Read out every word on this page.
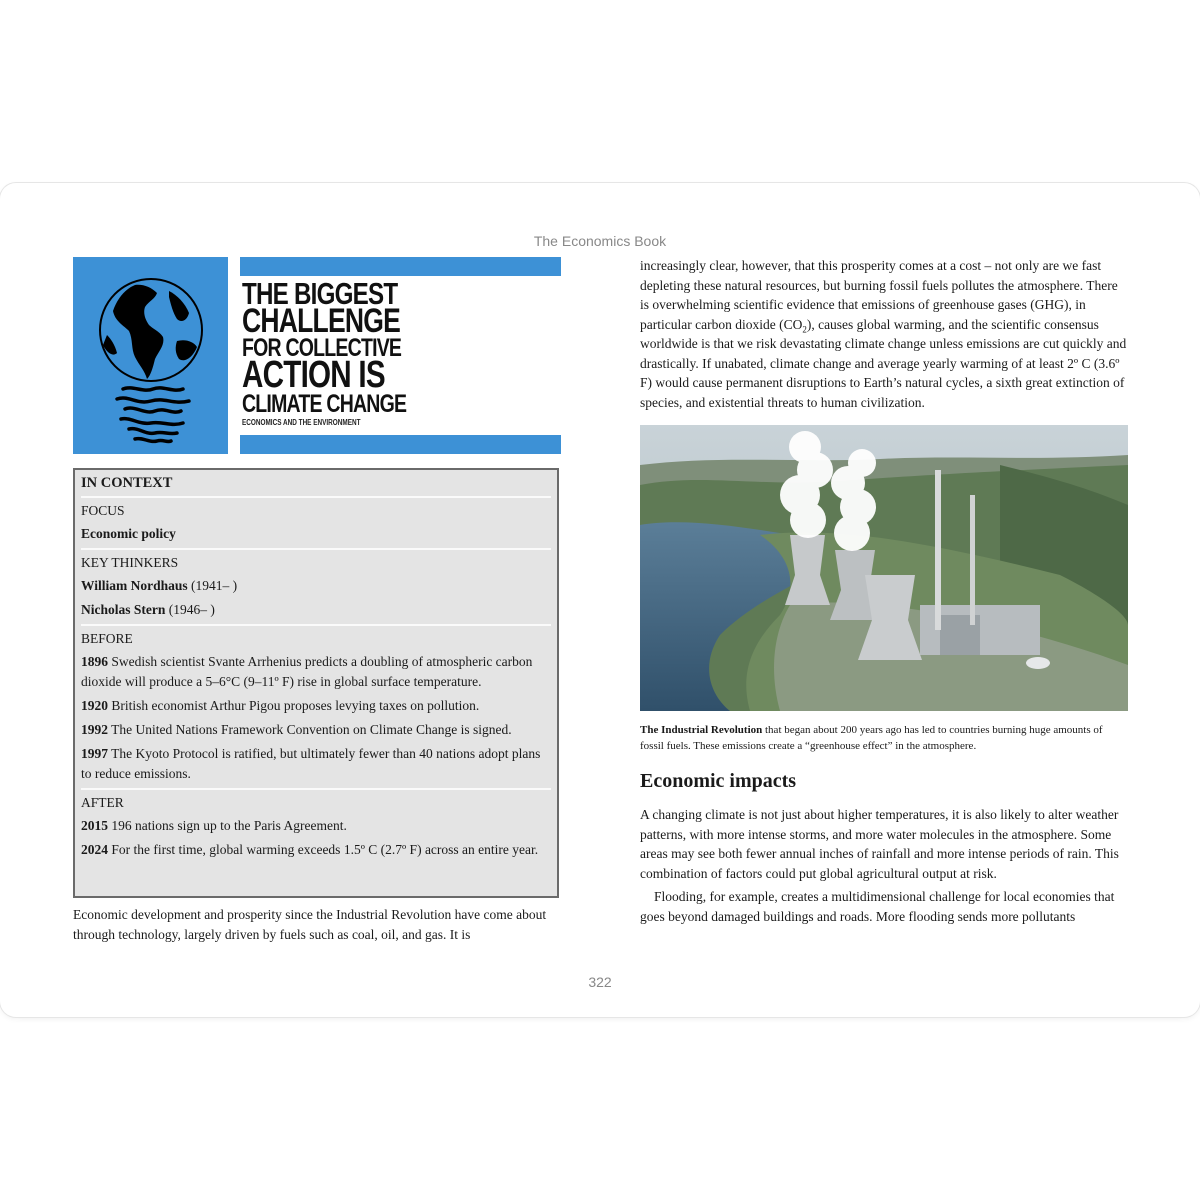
The Economics Book
THE BIGGEST
CHALLENGE
FOR COLLECTIVE
ACTION IS
CLIMATE CHANGE
ECONOMICS AND THE ENVIRONMENT
IN CONTEXT
FOCUS
Economic policy
KEY THINKERS
William Nordhaus (1941– )
Nicholas Stern (1946– )
BEFORE
1896 Swedish scientist Svante Arrhenius predicts a doubling of atmospheric carbon dioxide will produce a 5–6°C (9–11º F) rise in global surface temperature.
1920 British economist Arthur Pigou proposes levying taxes on pollution.
1992 The United Nations Framework Convention on Climate Change is signed.
1997 The Kyoto Protocol is ratified, but ultimately fewer than 40 nations adopt plans to reduce emissions.
AFTER
2015 196 nations sign up to the Paris Agreement.
2024 For the first time, global warming exceeds 1.5º C (2.7º F) across an entire year.

Economic development and prosperity since the Industrial Revolution have come about through technology, largely driven by fuels such as coal, oil, and gas. It is

increasingly clear, however, that this prosperity comes at a cost – not only are we fast depleting these natural resources, but burning fossil fuels pollutes the atmosphere. There is overwhelming scientific evidence that emissions of greenhouse gases (GHG), in particular carbon dioxide $(CO_2)$, causes global warming, and the scientific consensus worldwide is that we risk devastating climate change unless emissions are cut quickly and drastically. If unabated, climate change and average yearly warming of at least 2º C (3.6º F) would cause permanent disruptions to Earth’s natural cycles, a sixth great extinction of species, and existential threats to human civilization.

The Industrial Revolution that began about 200 years ago has led to countries burning huge amounts of fossil fuels. These emissions create a “greenhouse effect” in the atmosphere.
Economic impacts

A changing climate is not just about higher temperatures, it is also likely to alter weather patterns, with more intense storms, and more water molecules in the atmosphere. Some areas may see both fewer annual inches of rainfall and more intense periods of rain. This combination of factors could put global agricultural output at risk.

Flooding, for example, creates a multidimensional challenge for local economies that goes beyond damaged buildings and roads. More flooding sends more pollutants

322
